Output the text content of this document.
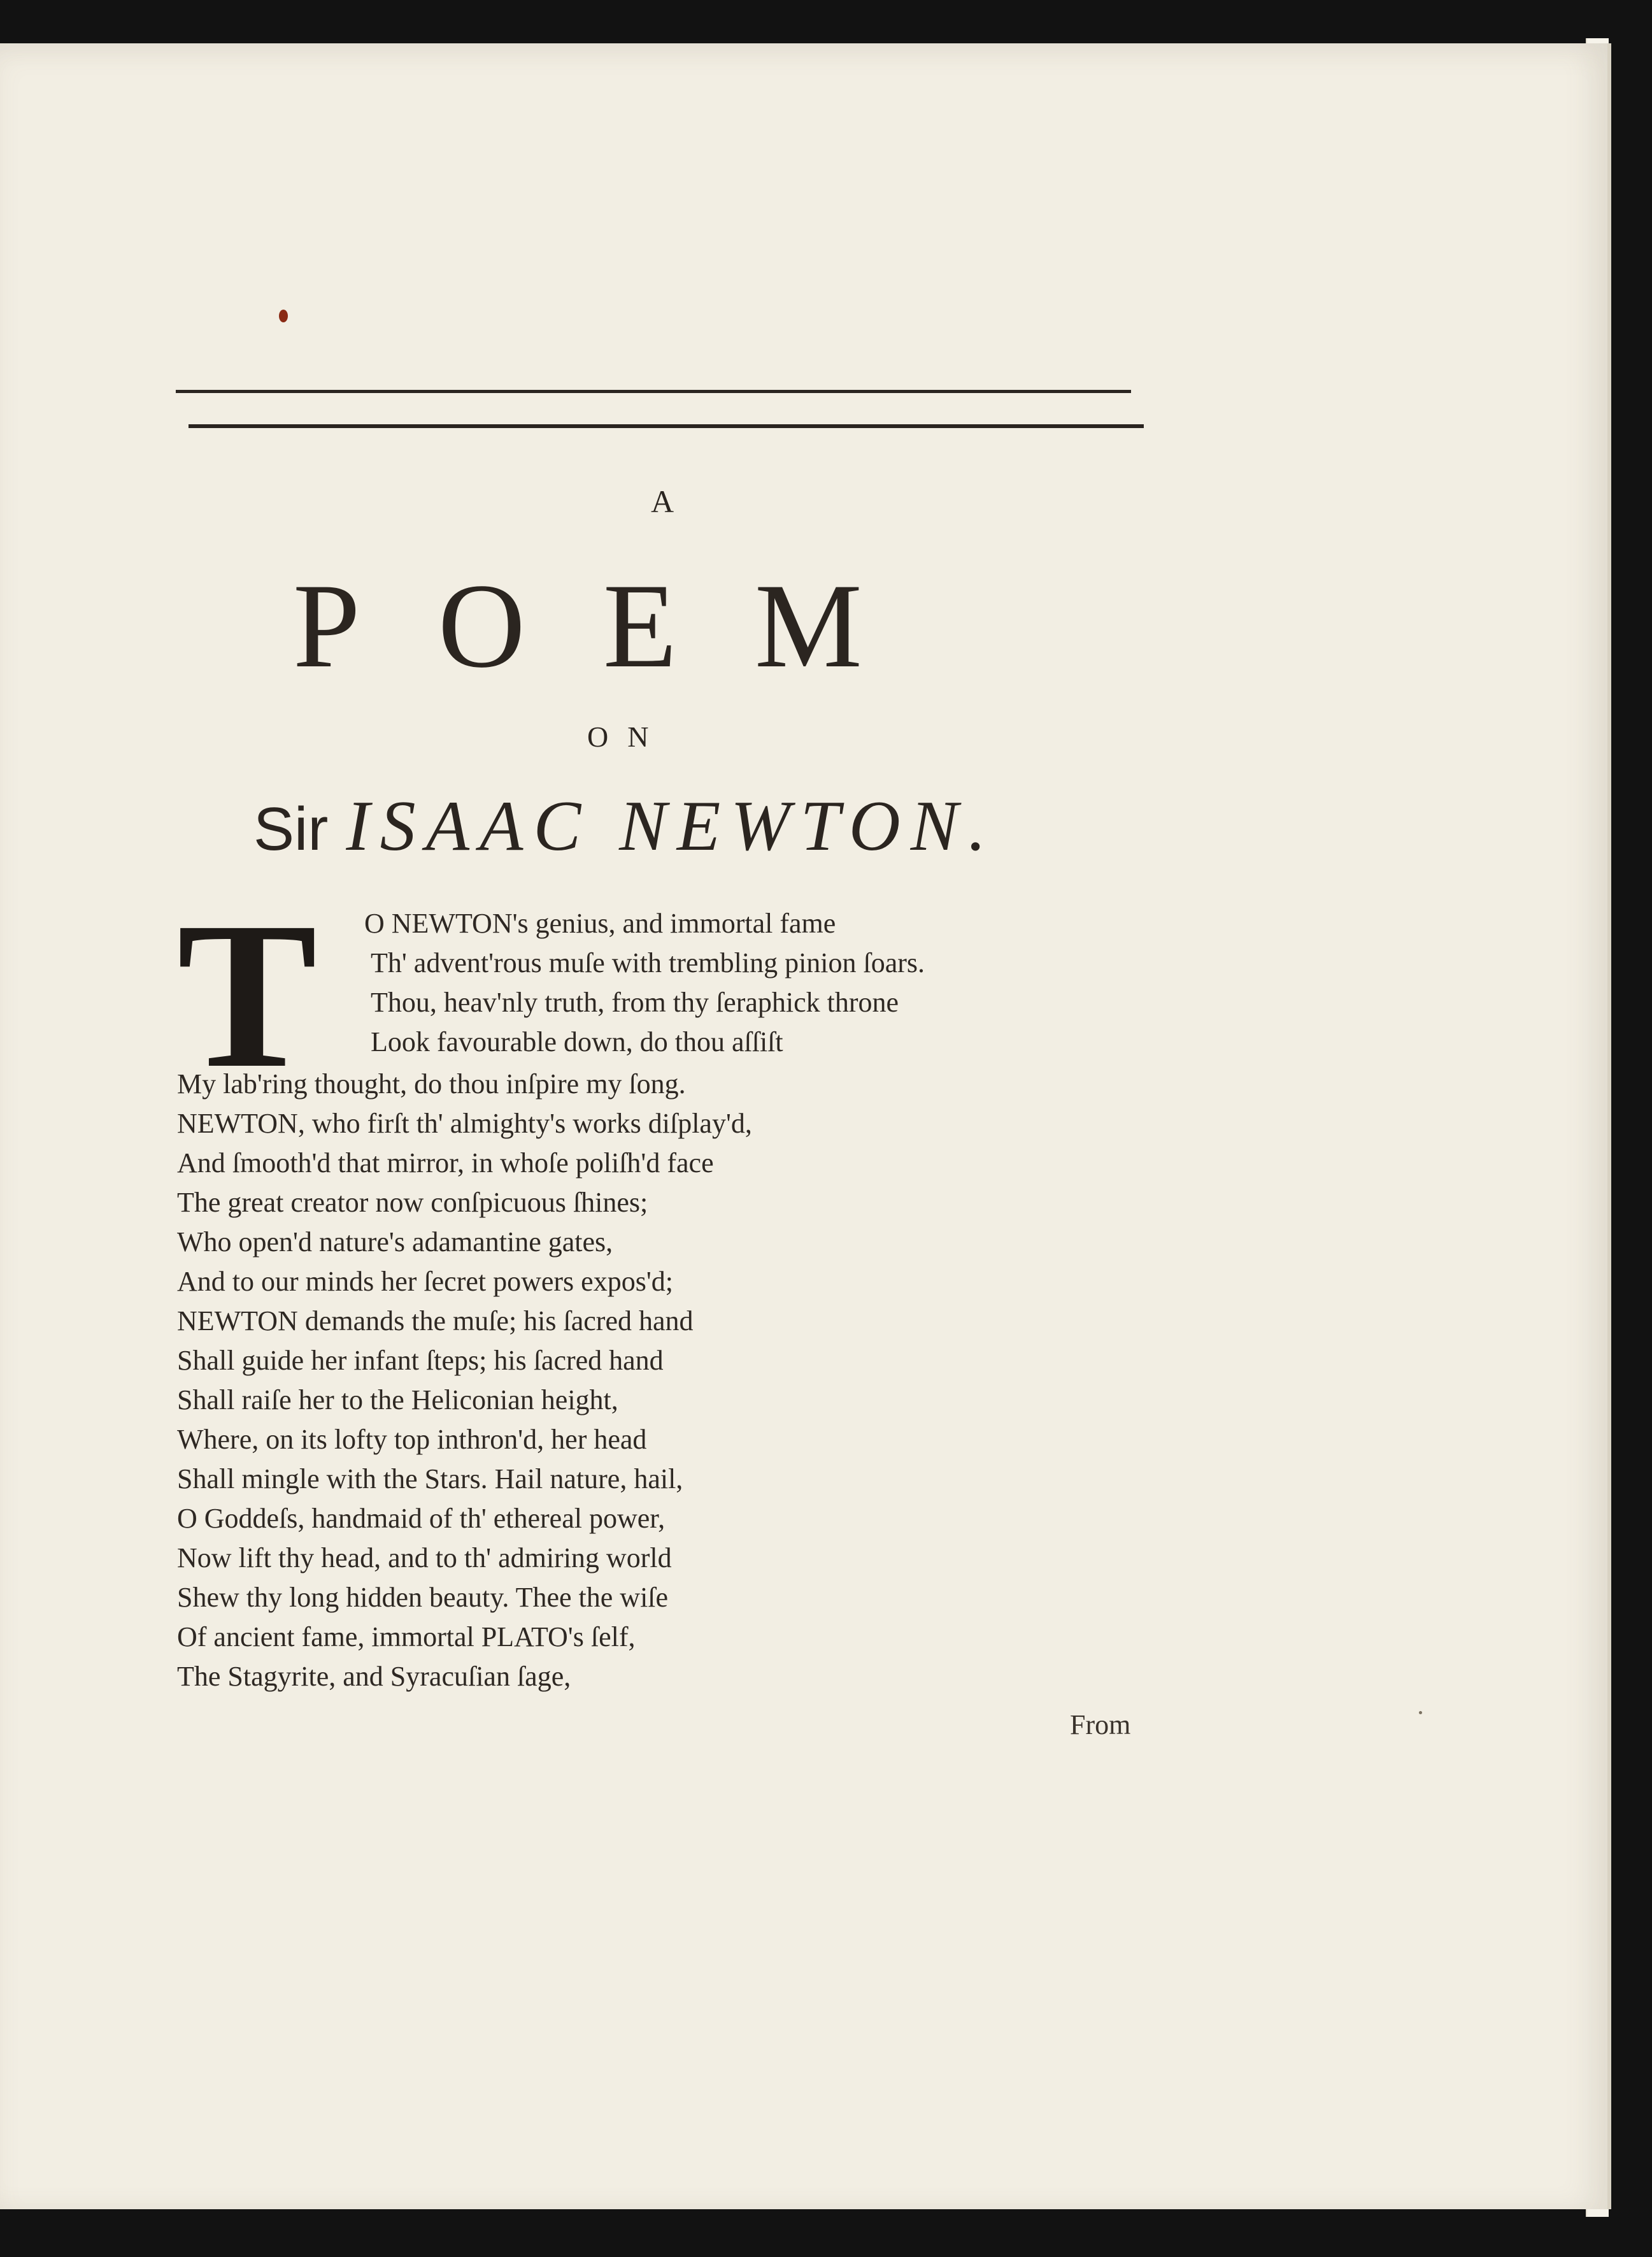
A
POEM
ON
Sir ISAAC NEWTON.
T O NEWTON's genius, and immortal fame
Th' advent'rous muſe with trembling pinion ſoars.
Thou, heav'nly truth, from thy ſeraphick throne
Look favourable down, do thou aſſiſt
My lab'ring thought, do thou inſpire my ſong.
NEWTON, who firſt th' almighty's works diſplay'd,
And ſmooth'd that mirror, in whoſe poliſh'd face
The great creator now conſpicuous ſhines;
Who open'd nature's adamantine gates,
And to our minds her ſecret powers expos'd;
NEWTON demands the muſe; his ſacred hand
Shall guide her infant ſteps; his ſacred hand
Shall raiſe her to the Heliconian height,
Where, on its lofty top inthron'd, her head
Shall mingle with the Stars. Hail nature, hail,
O Goddeſs, handmaid of th' ethereal power,
Now lift thy head, and to th' admiring world
Shew thy long hidden beauty. Thee the wiſe
Of ancient fame, immortal PLATO's ſelf,
The Stagyrite, and Syracuſian ſage,
From
